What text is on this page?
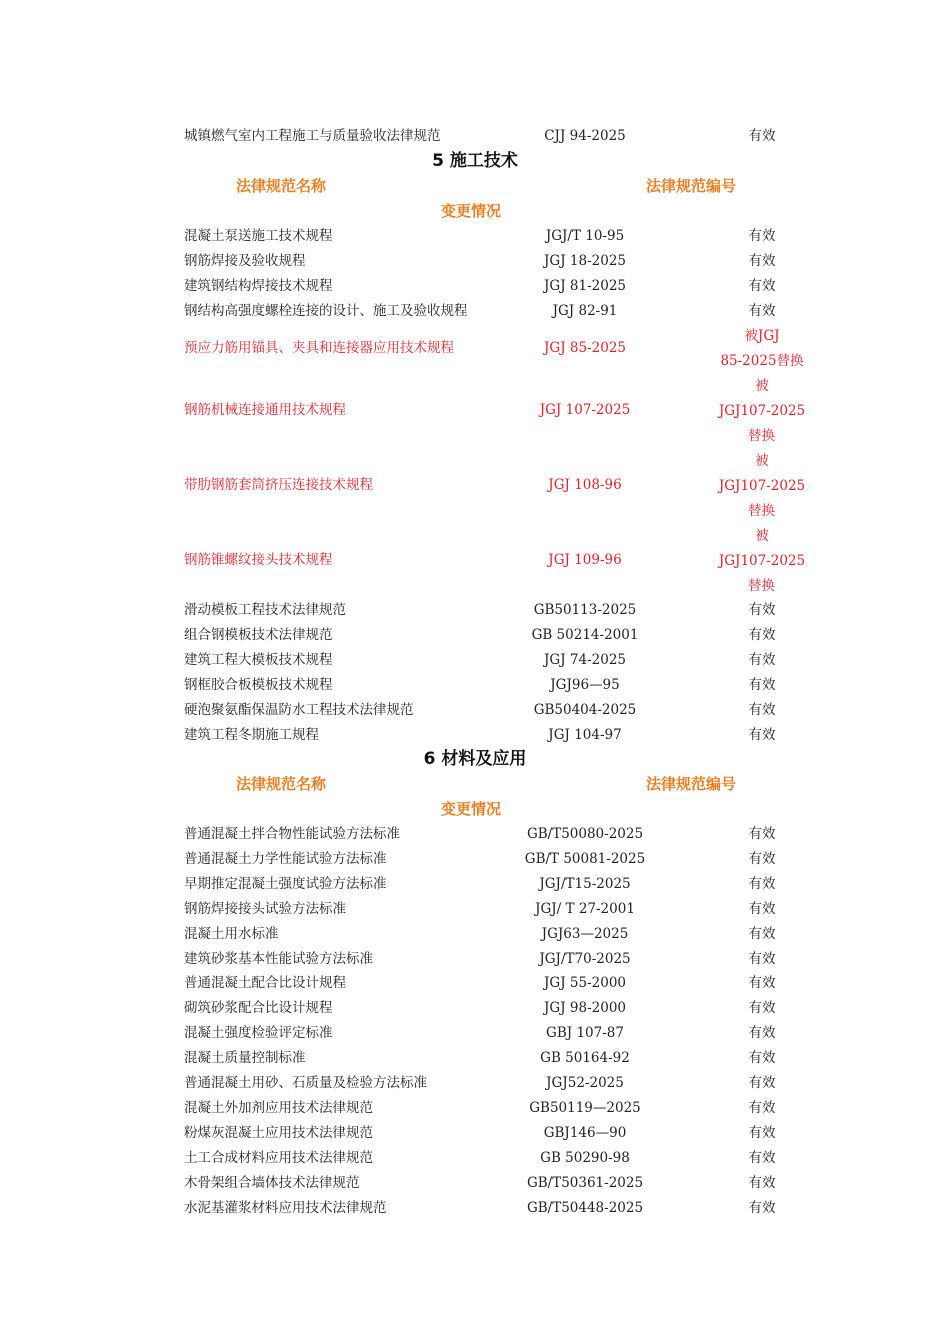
城镇燃气室内工程施工与质量验收法律规范	CJJ 94-2025	有效
5 施工技术
法律规范名称	法律规范编号
变更情况
混凝土泵送施工技术规程	JGJ/T 10-95	有效
钢筋焊接及验收规程	JGJ 18-2025	有效
建筑钢结构焊接技术规程	JGJ 81-2025	有效
钢结构高强度螺栓连接的设计、施工及验收规程	JGJ 82-91	有效
预应力筋用锚具、夹具和连接器应用技术规程	JGJ 85-2025
被JGJ
85-2025替换
钢筋机械连接通用技术规程	JGJ 107-2025
被
JGJ107-2025
替换
带肋钢筋套筒挤压连接技术规程	JGJ 108-96
被
JGJ107-2025
替换
钢筋锥螺纹接头技术规程	JGJ 109-96
被
JGJ107-2025
替换
滑动模板工程技术法律规范	GB50113-2025	有效
组合钢模板技术法律规范	GB 50214-2001	有效
建筑工程大模板技术规程	JGJ 74-2025	有效
钢框胶合板模板技术规程	JGJ96—95	有效
硬泡聚氨酯保温防水工程技术法律规范	GB50404-2025	有效
建筑工程冬期施工规程	JGJ 104-97	有效
6 材料及应用
法律规范名称	法律规范编号
变更情况
普通混凝土拌合物性能试验方法标准	GB/T50080-2025	有效
普通混凝土力学性能试验方法标准	GB/T 50081-2025	有效
早期推定混凝土强度试验方法标准	JGJ/T15-2025	有效
钢筋焊接接头试验方法标准	JGJ/ T 27-2001	有效
混凝土用水标准	JGJ63—2025	有效
建筑砂浆基本性能试验方法标准	JGJ/T70-2025	有效
普通混凝土配合比设计规程	JGJ 55-2000	有效
砌筑砂浆配合比设计规程	JGJ 98-2000	有效
混凝土强度检验评定标准	GBJ 107-87	有效
混凝土质量控制标准	GB 50164-92	有效
普通混凝土用砂、石质量及检验方法标准	JGJ52-2025	有效
混凝土外加剂应用技术法律规范	GB50119—2025	有效
粉煤灰混凝土应用技术法律规范	GBJ146—90	有效
土工合成材料应用技术法律规范	GB 50290-98	有效
木骨架组合墙体技术法律规范	GB/T50361-2025	有效
水泥基灌浆材料应用技术法律规范	GB/T50448-2025	有效
